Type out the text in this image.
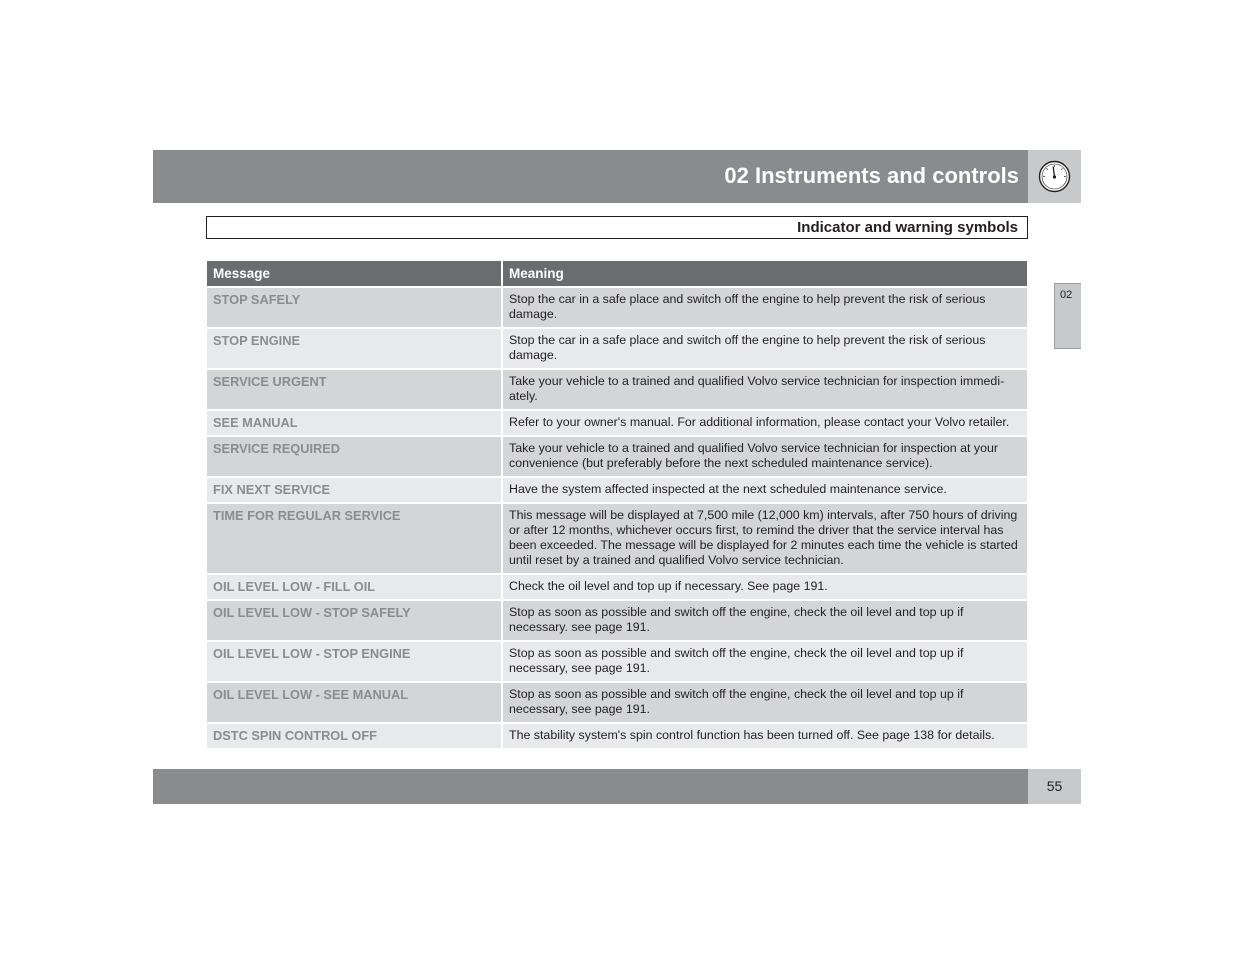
02 Instruments and controls
Indicator and warning symbols
02
Message	Meaning
STOP SAFELY	Stop the car in a safe place and switch off the engine to help prevent the risk of serious damage.
STOP ENGINE	Stop the car in a safe place and switch off the engine to help prevent the risk of serious damage.
SERVICE URGENT	Take your vehicle to a trained and qualified Volvo service technician for inspection immedi-ately.
SEE MANUAL	Refer to your owner's manual. For additional information, please contact your Volvo retailer.
SERVICE REQUIRED	Take your vehicle to a trained and qualified Volvo service technician for inspection at your convenience (but preferably before the next scheduled maintenance service).
FIX NEXT SERVICE	Have the system affected inspected at the next scheduled maintenance service.
TIME FOR REGULAR SERVICE	This message will be displayed at 7,500 mile (12,000 km) intervals, after 750 hours of driving or after 12 months, whichever occurs first, to remind the driver that the service interval has been exceeded. The message will be displayed for 2 minutes each time the vehicle is started until reset by a trained and qualified Volvo service technician.
OIL LEVEL LOW - FILL OIL	Check the oil level and top up if necessary. See page 191.
OIL LEVEL LOW - STOP SAFELY	Stop as soon as possible and switch off the engine, check the oil level and top up if necessary. see page 191.
OIL LEVEL LOW - STOP ENGINE	Stop as soon as possible and switch off the engine, check the oil level and top up if necessary, see page 191.
OIL LEVEL LOW - SEE MANUAL	Stop as soon as possible and switch off the engine, check the oil level and top up if necessary, see page 191.
DSTC SPIN CONTROL OFF	The stability system's spin control function has been turned off. See page 138 for details.
55
